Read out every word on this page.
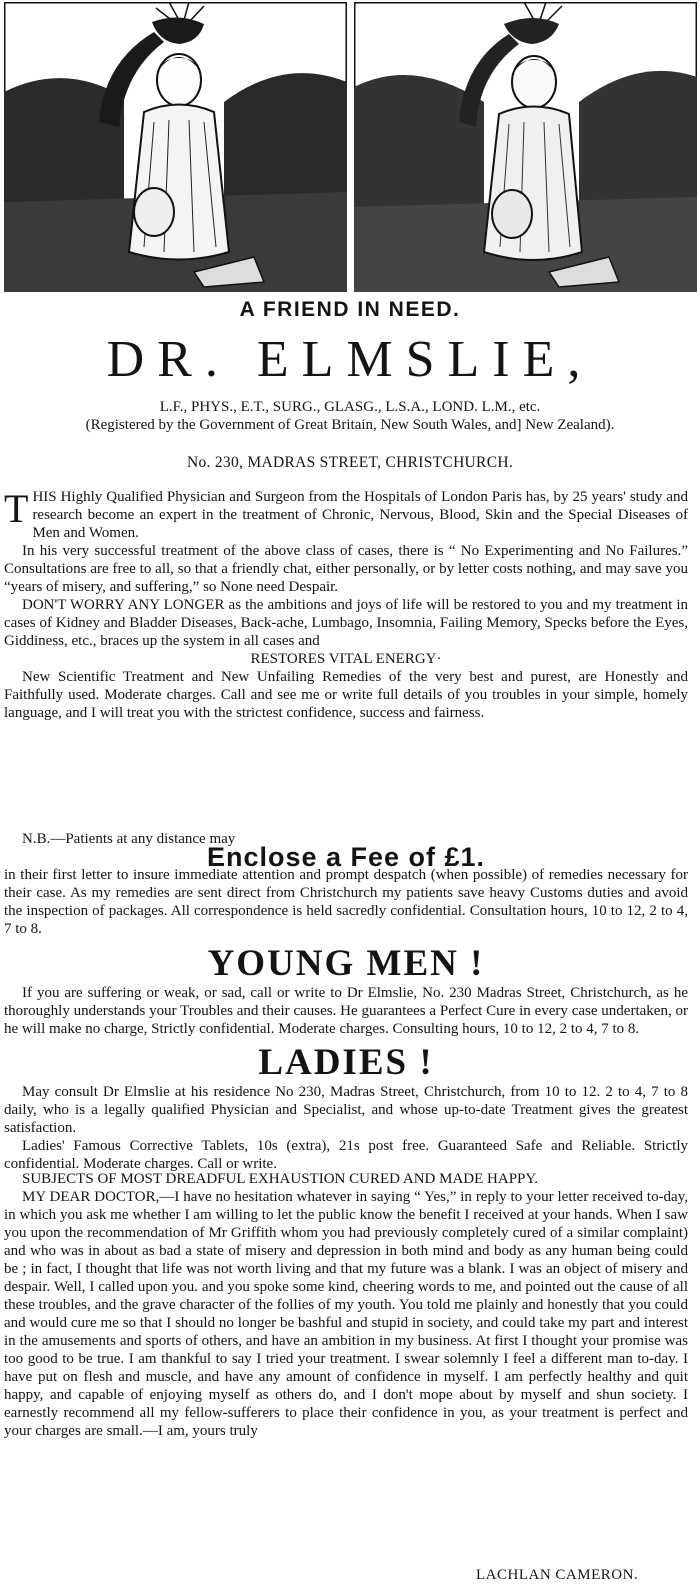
A FRIEND IN NEED.
DR. ELMSLIE,
L.F., PHYS., E.T., SURG., GLASG., L.S.A., LOND. L.M., etc.
(Registered by the Government of Great Britain, New South Wales, and] New Zealand).
No. 230, MADRAS STREET, CHRISTCHURCH.

THIS Highly Qualified Physician and Surgeon from the Hospitals of London Paris has, by 25 years' study and research become an expert in the treatment of Chronic, Nervous, Blood, Skin and the Special Diseases of Men and Women.

In his very successful treatment of the above class of cases, there is “ No Experimenting and No Failures.” Consultations are free to all, so that a friendly chat, either personally, or by letter costs nothing, and may save you “years of misery, and suffering,” so None need Despair.

DON'T WORRY ANY LONGER as the ambitions and joys of life will be restored to you and my treatment in cases of Kidney and Bladder Diseases, Back-ache, Lumbago, Insomnia, Failing Memory, Specks before the Eyes, Giddiness, etc., braces up the system in all cases and

RESTORES VITAL ENERGY·

New Scientific Treatment and New Unfailing Remedies of the very best and purest, are Honestly and Faithfully used. Moderate charges. Call and see me or write full details of you troubles in your simple, homely language, and I will treat you with the strictest confidence, success and fairness.

N.B.—Patients at any distance may

Enclose a Fee of £1.

in their first letter to insure immediate attention and prompt despatch (when possible) of remedies necessary for their case. As my remedies are sent direct from Christchurch my patients save heavy Customs duties and avoid the inspection of packages. All correspondence is held sacredly confidential. Consultation hours, 10 to 12, 2 to 4, 7 to 8.

YOUNG MEN !

If you are suffering or weak, or sad, call or write to Dr Elmslie, No. 230 Madras Street, Christchurch, as he thoroughly understands your Troubles and their causes. He guarantees a Perfect Cure in every case undertaken, or he will make no charge, Strictly confidential. Moderate charges. Consulting hours, 10 to 12, 2 to 4, 7 to 8.

LADIES !

May consult Dr Elmslie at his residence No 230, Madras Street, Christchurch, from 10 to 12. 2 to 4, 7 to 8 daily, who is a legally qualified Physician and Specialist, and whose up-to-date Treatment gives the greatest satisfaction.

Ladies' Famous Corrective Tablets, 10s (extra), 21s post free. Guaranteed Safe and Reliable. Strictly confidential. Moderate charges. Call or write.

SUBJECTS OF MOST DREADFUL EXHAUSTION CURED AND MADE HAPPY.

MY DEAR DOCTOR,—I have no hesitation whatever in saying “ Yes,” in reply to your letter received to-day, in which you ask me whether I am willing to let the public know the benefit I received at your hands. When I saw you upon the recommendation of Mr Griffith whom you had previously completely cured of a similar complaint) and who was in about as bad a state of misery and depression in both mind and body as any human being could be ; in fact, I thought that life was not worth living and that my future was a blank. I was an object of misery and despair. Well, I called upon you. and you spoke some kind, cheering words to me, and pointed out the cause of all these troubles, and the grave character of the follies of my youth. You told me plainly and honestly that you could and would cure me so that I should no longer be bashful and stupid in society, and could take my part and interest in the amusements and sports of others, and have an ambition in my business. At first I thought your promise was too good to be true. I am thankful to say I tried your treatment. I swear solemnly I feel a different man to-day. I have put on flesh and muscle, and have any amount of confidence in myself. I am perfectly healthy and quit happy, and capable of enjoying myself as others do, and I don't mope about by myself and shun society. I earnestly recommend all my fellow-sufferers to place their confidence in you, as your treatment is perfect and your charges are small.—I am, yours truly

LACHLAN CAMERON.
